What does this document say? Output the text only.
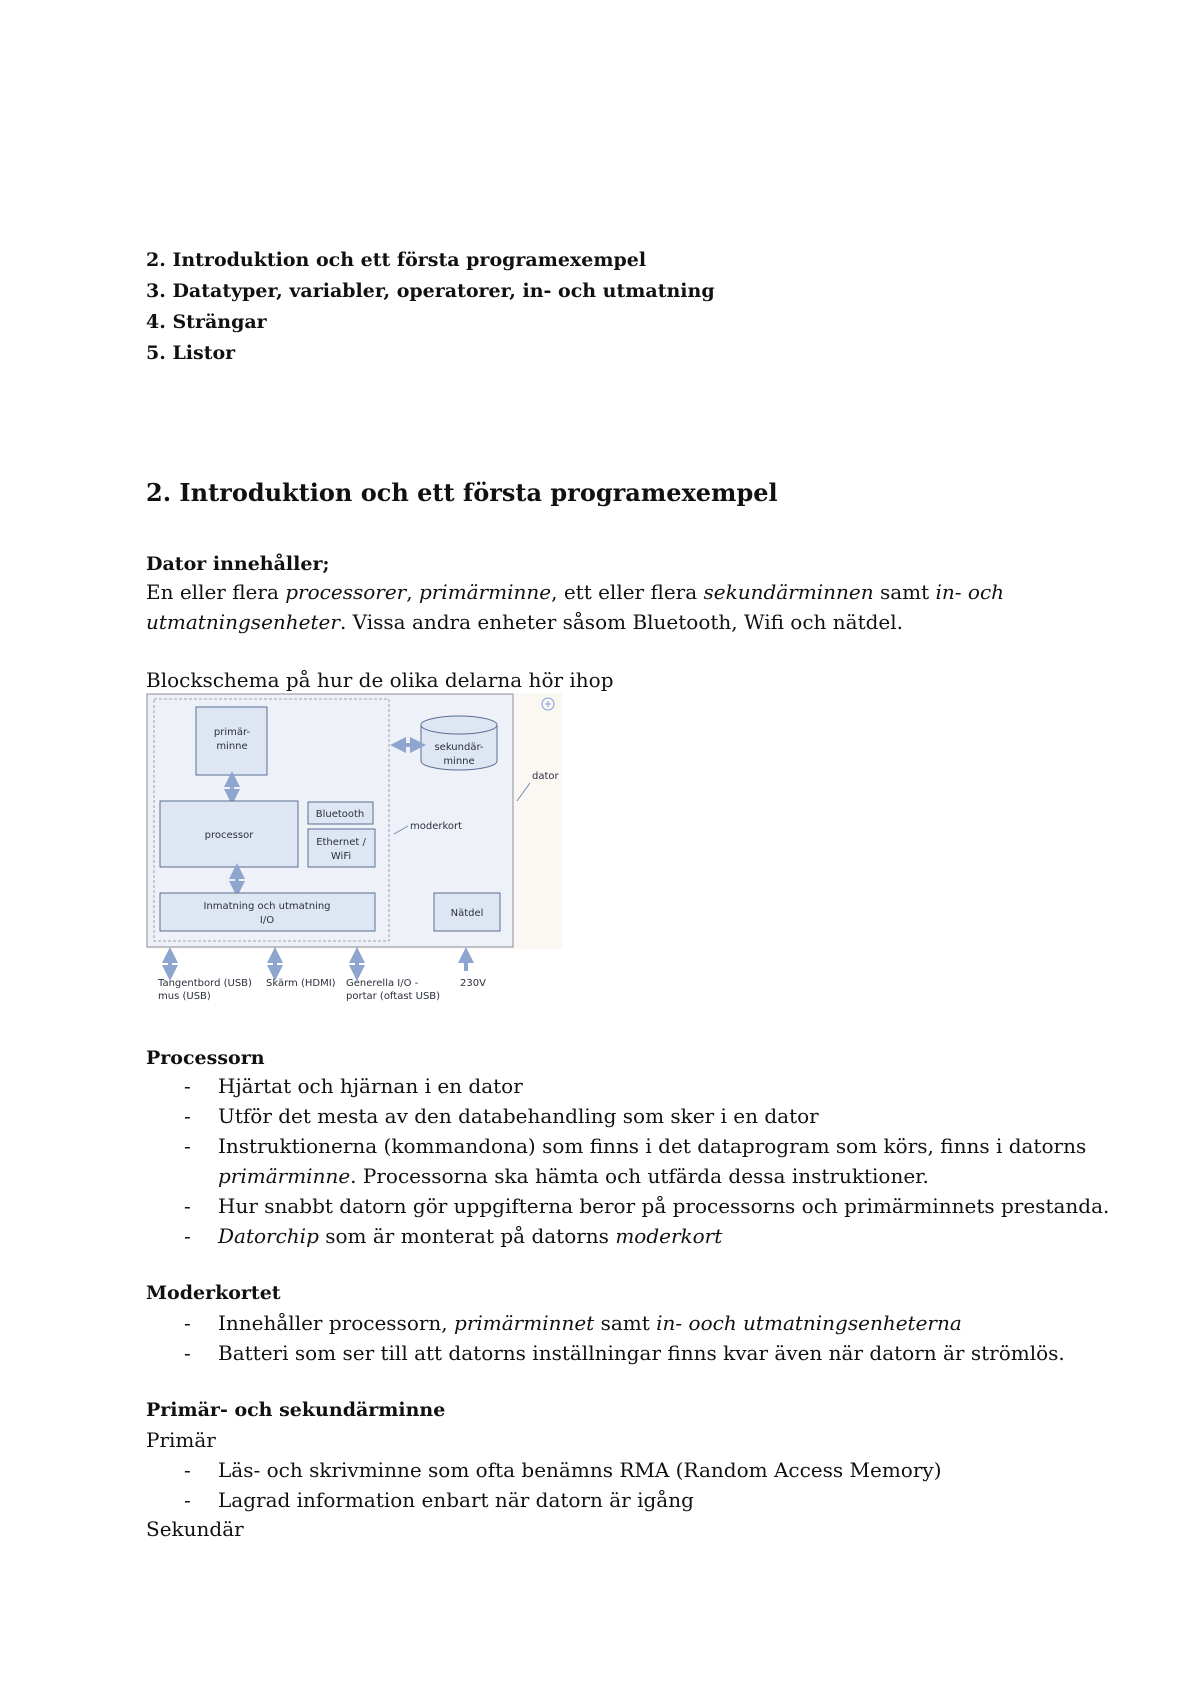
2. Introduktion och ett första programexempel
3. Datatyper, variabler, operatorer, in- och utmatning
4. Strängar
5. Listor
2. Introduktion och ett första programexempel
Dator innehåller;
En eller flera processorer, primärminne, ett eller flera sekundärminnen samt in- och
utmatningsenheter. Vissa andra enheter såsom Bluetooth, Wifi och nätdel.
Blockschema på hur de olika delarna hör ihop
primär-
minne
processor
Bluetooth
Ethernet /
WiFi
Inmatning och utmatning
I/O
sekundär-
minne
dator
moderkort
Nätdel
Tangentbord (USB)
mus (USB)
Skärm (HDMI) Generella I/O -
portar (oftast USB)
230V
Processorn
- Hjärtat och hjärnan i en dator
- Utför det mesta av den databehandling som sker i en dator
- Instruktionerna (kommandona) som finns i det dataprogram som körs, finns i datorns
primärminne. Processorna ska hämta och utfärda dessa instruktioner.
- Hur snabbt datorn gör uppgifterna beror på processorns och primärminnets prestanda.
- Datorchip som är monterat på datorns moderkort
Moderkortet
- Innehåller processorn, primärminnet samt in- ooch utmatningsenheterna
- Batteri som ser till att datorns inställningar finns kvar även när datorn är strömlös.
Primär- och sekundärminne
Primär
- Läs- och skrivminne som ofta benämns RMA (Random Access Memory)
- Lagrad information enbart när datorn är igång
Sekundär
